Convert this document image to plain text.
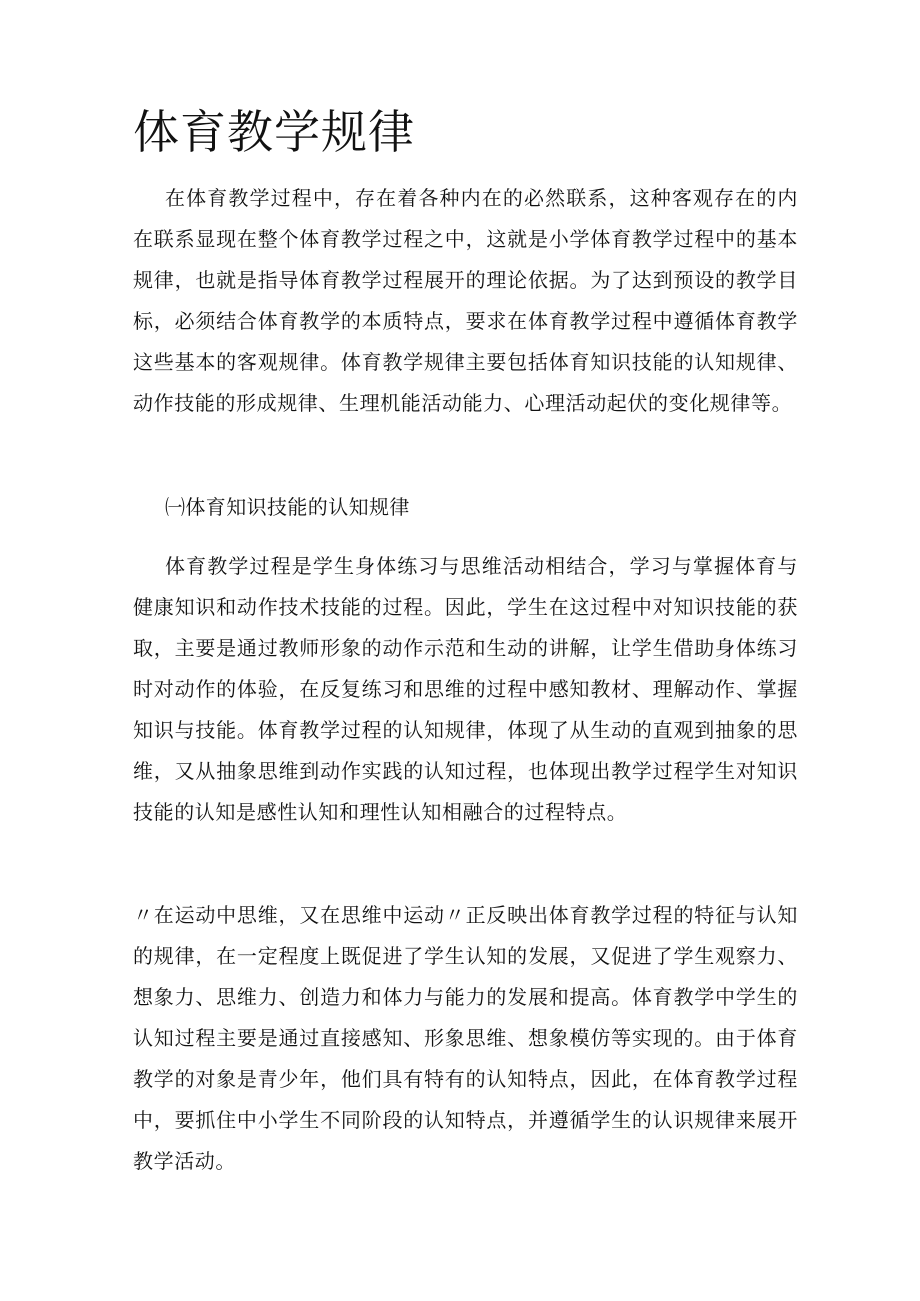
体育教学规律

在体育教学过程中，存在着各种内在的必然联系，这种客观存在的内在联系显现在整个体育教学过程之中，这就是小学体育教学过程中的基本规律，也就是指导体育教学过程展开的理论依据。为了达到预设的教学目标，必须结合体育教学的本质特点，要求在体育教学过程中遵循体育教学这些基本的客观规律。体育教学规律主要包括体育知识技能的认知规律、动作技能的形成规律、生理机能活动能力、心理活动起伏的变化规律等。

㈠体育知识技能的认知规律

体育教学过程是学生身体练习与思维活动相结合，学习与掌握体育与健康知识和动作技术技能的过程。因此，学生在这过程中对知识技能的获取，主要是通过教师形象的动作示范和生动的讲解，让学生借助身体练习时对动作的体验，在反复练习和思维的过程中感知教材、理解动作、掌握知识与技能。体育教学过程的认知规律，体现了从生动的直观到抽象的思维，又从抽象思维到动作实践的认知过程，也体现出教学过程学生对知识技能的认知是感性认知和理性认知相融合的过程特点。

〃在运动中思维，又在思维中运动〃正反映出体育教学过程的特征与认知的规律，在一定程度上既促进了学生认知的发展，又促进了学生观察力、想象力、思维力、创造力和体力与能力的发展和提高。体育教学中学生的认知过程主要是通过直接感知、形象思维、想象模仿等实现的。由于体育教学的对象是青少年，他们具有特有的认知特点，因此，在体育教学过程中，要抓住中小学生不同阶段的认知特点，并遵循学生的认识规律来展开教学活动。
